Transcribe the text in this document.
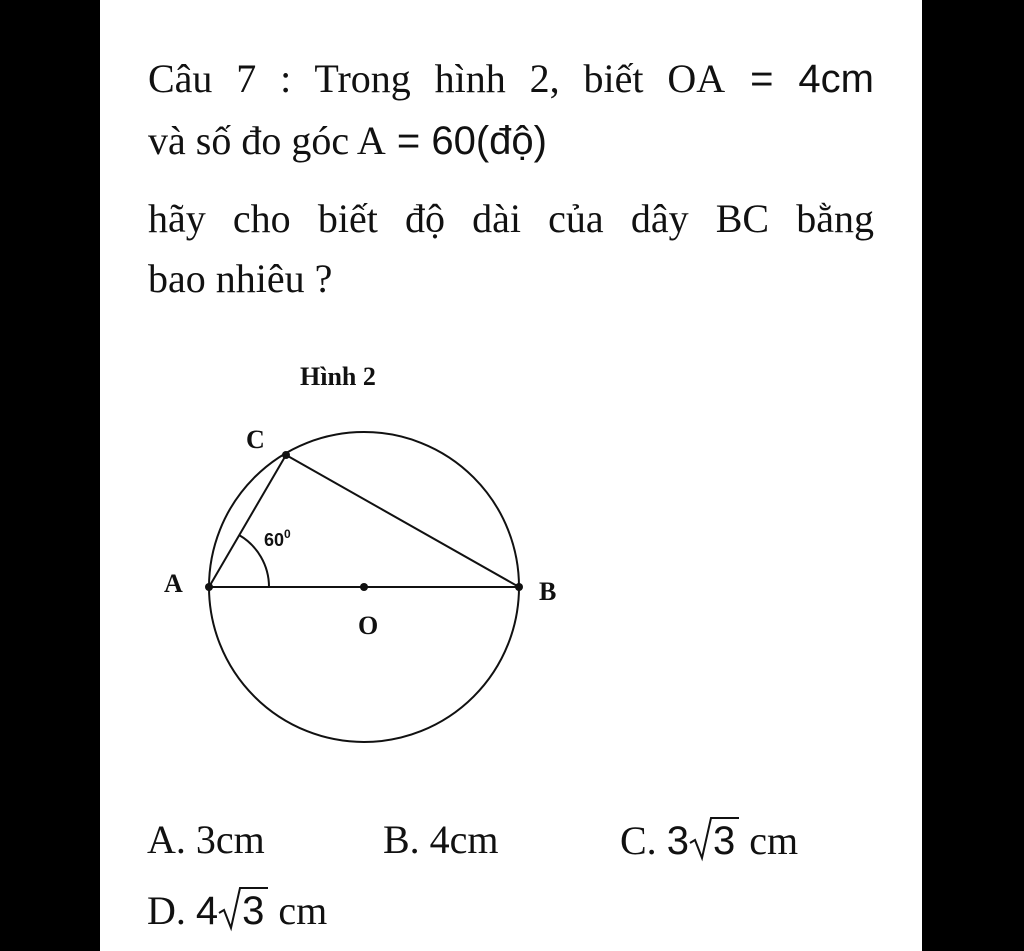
Câu 7 : Trong hình 2, biết OA = 4cm
và số đo góc A = 60(độ)
hãy cho biết độ dài của dây BC bằng
bao nhiêu ?
Hình 2
A	B
C
O
$60^0$
A. 3cm	B. 4cm	C. 3 3 cm
D. 4 3 cm
